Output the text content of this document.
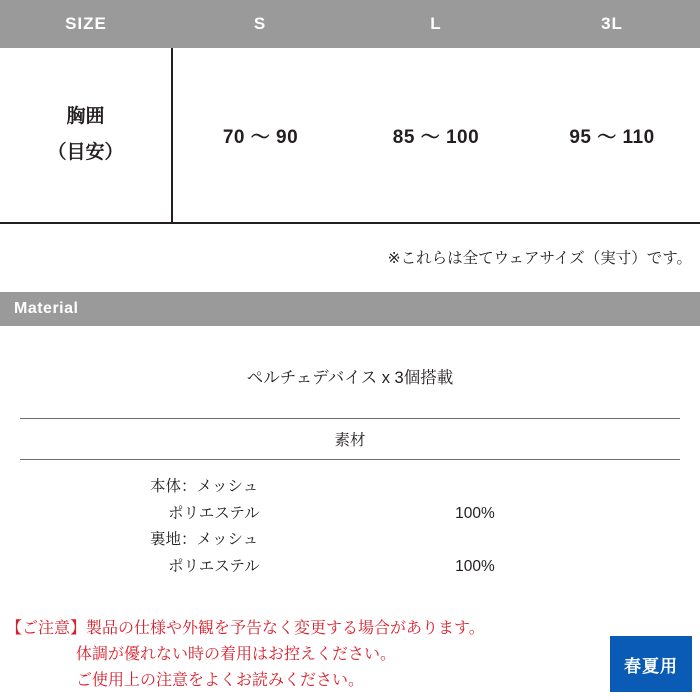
SIZE	S	L	3L

胸囲
（目安）	70 〜 90	85 〜 100	95 〜 110
※これらは全てウェアサイズ（実寸）です。
Material
ペルチェデバイス x 3個搭載
素材
本体：メッシュ
ポリエステル	100%
裏地：メッシュ
ポリエステル	100%
【ご注意】製品の仕様や外観を予告なく変更する場合があります。
体調が優れない時の着用はお控えください。
ご使用上の注意をよくお読みください。
春夏用
